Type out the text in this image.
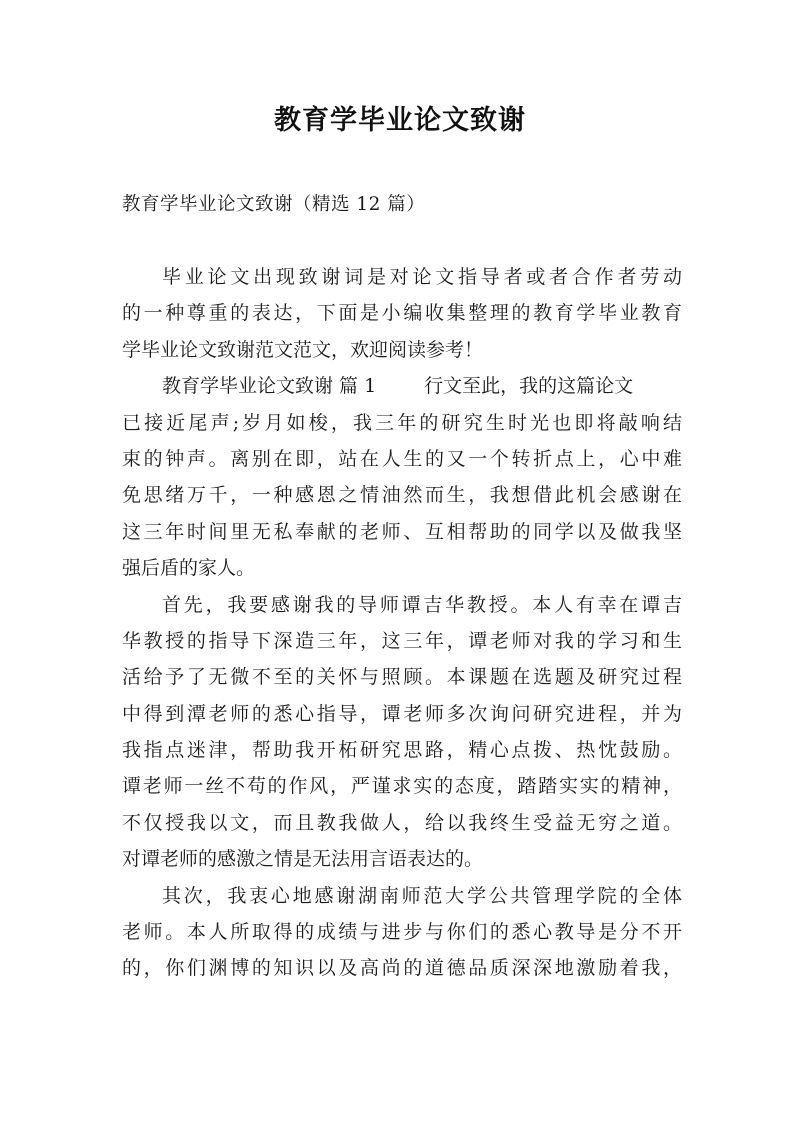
教育学毕业论文致谢
教育学毕业论文致谢（精选 12 篇）
毕业论文出现致谢词是对论文指导者或者合作者劳动
的一种尊重的表达，下面是小编收集整理的教育学毕业教育
学毕业论文致谢范文范文，欢迎阅读参考！
教育学毕业论文致谢 篇 1	行文至此，我的这篇论文
已接近尾声;岁月如梭，我三年的研究生时光也即将敲响结
束的钟声。离别在即，站在人生的又一个转折点上，心中难
免思绪万千，一种感恩之情油然而生，我想借此机会感谢在
这三年时间里无私奉献的老师、互相帮助的同学以及做我坚
强后盾的家人。
首先，我要感谢我的导师谭吉华教授。本人有幸在谭吉
华教授的指导下深造三年，这三年，谭老师对我的学习和生
活给予了无微不至的关怀与照顾。本课题在选题及研究过程
中得到潭老师的悉心指导，谭老师多次询问研究进程，并为
我指点迷津，帮助我开柘研究思路，精心点拨、热忱鼓励。
谭老师一丝不苟的作风，严谨求实的态度，踏踏实实的精神，
不仅授我以文，而且教我做人，给以我终生受益无穷之道。
对谭老师的感激之情是无法用言语表达的。
其次，我衷心地感谢湖南师范大学公共管理学院的全体
老师。本人所取得的成绩与进步与你们的悉心教导是分不开
的，你们渊博的知识以及高尚的道德品质深深地激励着我，
